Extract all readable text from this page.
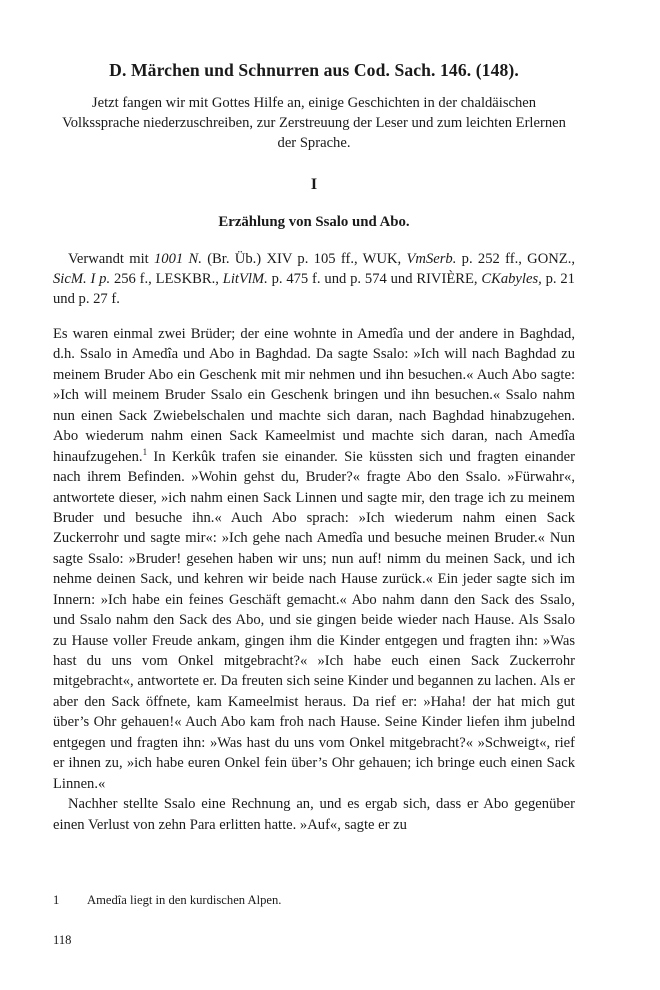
D. Märchen und Schnurren aus Cod. Sach. 146. (148).
Jetzt fangen wir mit Gottes Hilfe an, einige Geschichten in der chaldäischen Volkssprache niederzuschreiben, zur Zerstreuung der Leser und zum leichten Erlernen der Sprache.
I
Erzählung von Ssalo und Abo.
Verwandt mit 1001 N. (Br. Üb.) XIV p. 105 ff., WUK, VmSerb. p. 252 ff., GONZ., SicM. I p. 256 f., LESKBR., LitVlM. p. 475 f. und p. 574 und RIVIÈRE, CKabyles, p. 21 und p. 27 f.

Es waren einmal zwei Brüder; der eine wohnte in Amedîa und der andere in Baghdad, d.h. Ssalo in Amedîa und Abo in Baghdad. Da sagte Ssalo: »Ich will nach Baghdad zu meinem Bruder Abo ein Geschenk mit mir nehmen und ihn besuchen.« Auch Abo sagte: »Ich will meinem Bruder Ssalo ein Geschenk bringen und ihn besuchen.« Ssalo nahm nun einen Sack Zwiebelschalen und machte sich daran, nach Baghdad hinabzugehen. Abo wiederum nahm einen Sack Kameelmist und machte sich daran, nach Amedîa hinaufzugehen.$^1$ In Kerkûk trafen sie einander. Sie küssten sich und fragten einander nach ihrem Befinden. »Wohin gehst du, Bruder?« fragte Abo den Ssalo. »Fürwahr«, antwortete dieser, »ich nahm einen Sack Linnen und sagte mir, den trage ich zu meinem Bruder und besuche ihn.« Auch Abo sprach: »Ich wiederum nahm einen Sack Zuckerrohr und sagte mir«: »Ich gehe nach Amedîa und besuche meinen Bruder.« Nun sagte Ssalo: »Bruder! gesehen haben wir uns; nun auf! nimm du meinen Sack, und ich nehme deinen Sack, und kehren wir beide nach Hause zurück.« Ein jeder sagte sich im Innern: »Ich habe ein feines Geschäft gemacht.« Abo nahm dann den Sack des Ssalo, und Ssalo nahm den Sack des Abo, und sie gingen beide wieder nach Hause. Als Ssalo zu Hause voller Freude ankam, gingen ihm die Kinder entgegen und fragten ihn: »Was hast du uns vom Onkel mitgebracht?« »Ich habe euch einen Sack Zuckerrohr mitgebracht«, antwortete er. Da freuten sich seine Kinder und begannen zu lachen. Als er aber den Sack öffnete, kam Kameelmist heraus. Da rief er: »Haha! der hat mich gut über’s Ohr gehauen!« Auch Abo kam froh nach Hause. Seine Kinder liefen ihm jubelnd entgegen und fragten ihn: »Was hast du uns vom Onkel mitgebracht?« »Schweigt«, rief er ihnen zu, »ich habe euren Onkel fein über’s Ohr gehauen; ich bringe euch einen Sack Linnen.«

Nachher stellte Ssalo eine Rechnung an, und es ergab sich, dass er Abo gegenüber einen Verlust von zehn Para erlitten hatte. »Auf«, sagte er zu

1 Amedîa liegt in den kurdischen Alpen.
118
